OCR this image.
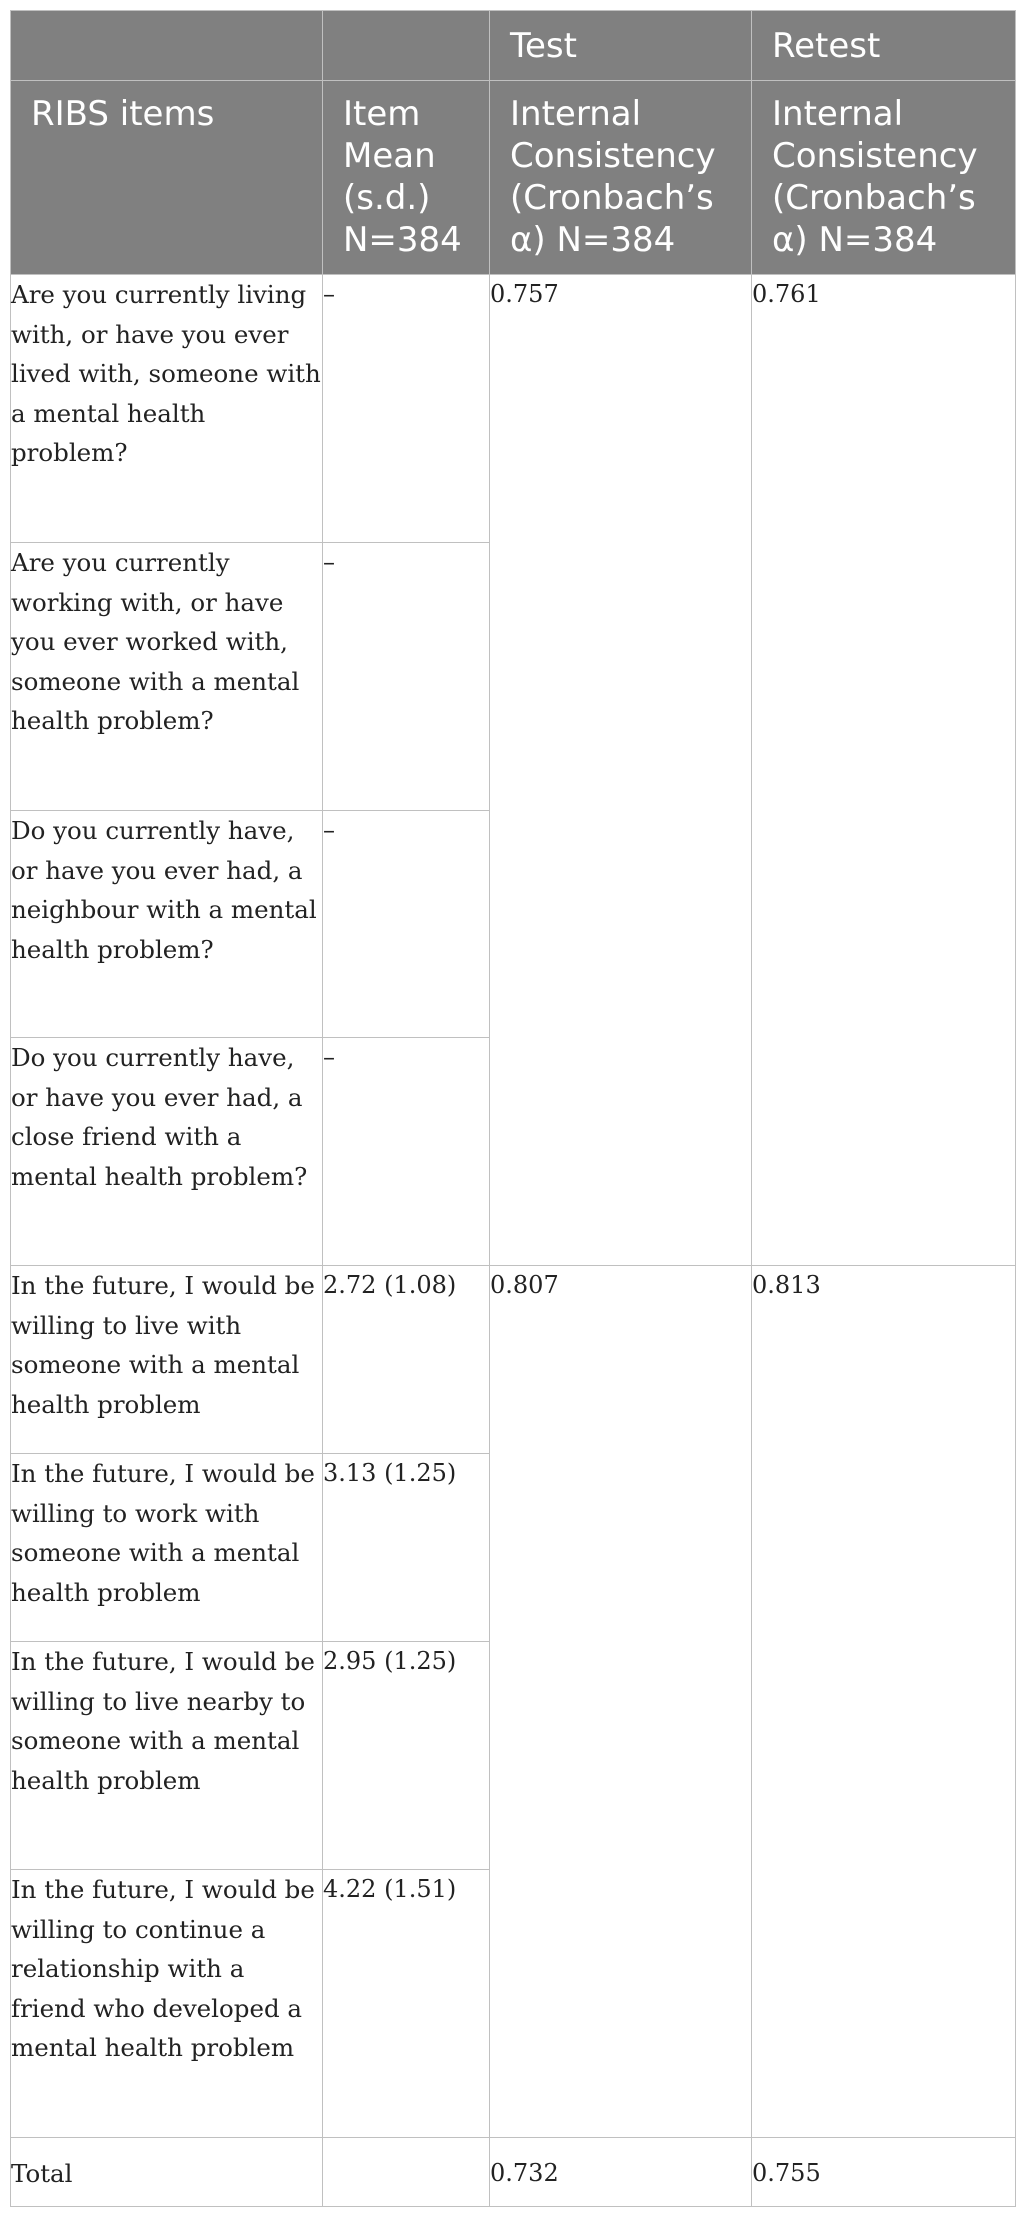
		Test	Retest
RIBS items	Item Mean (s.d.) N=384	Internal Consistency (Cronbach’s α) N=384	Internal Consistency (Cronbach’s α) N=384
Are you currently living with, or have you ever lived with, someone with a mental health problem?	–	0.757	0.761
Are you currently working with, or have you ever worked with, someone with a mental health problem?	–		
Do you currently have, or have you ever had, a neighbour with a mental health problem?	–		
Do you currently have, or have you ever had, a close friend with a mental health problem?	–		
In the future, I would be willing to live with someone with a mental health problem	2.72 (1.08)	0.807	0.813
In the future, I would be willing to work with someone with a mental health problem	3.13 (1.25)		
In the future, I would be willing to live nearby to someone with a mental health problem	2.95 (1.25)		
In the future, I would be willing to continue a relationship with a friend who developed a mental health problem	4.22 (1.51)		
Total		0.732	0.755
